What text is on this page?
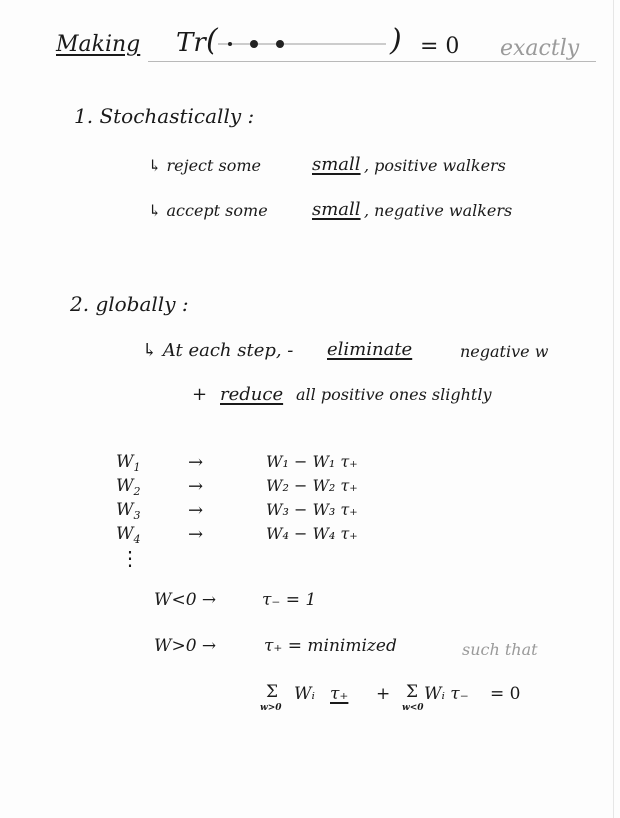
Making Tr (	) = 0 exactly
1. Stochastically :
↳ reject some	small , positive walkers
↳ accept some small , negative walkers
2. globally :
↳ At each step, - eliminate	negative w
+ reduce all positive ones slightly
$W_1$	→	W₁ − W₁ τ₊
$W_2$	→	W₂ − W₂ τ₊
$W_3$	→	W₃ − W₃ τ₊
$W_4$	→	W₄ − W₄ τ₊
⋮
W<0 →	τ₋ = 1
W>0 →	τ₊ = minimized	such that
Σ
w>0
Wᵢ τ₊ + Σ
w<0
Wᵢ τ₋ = 0
